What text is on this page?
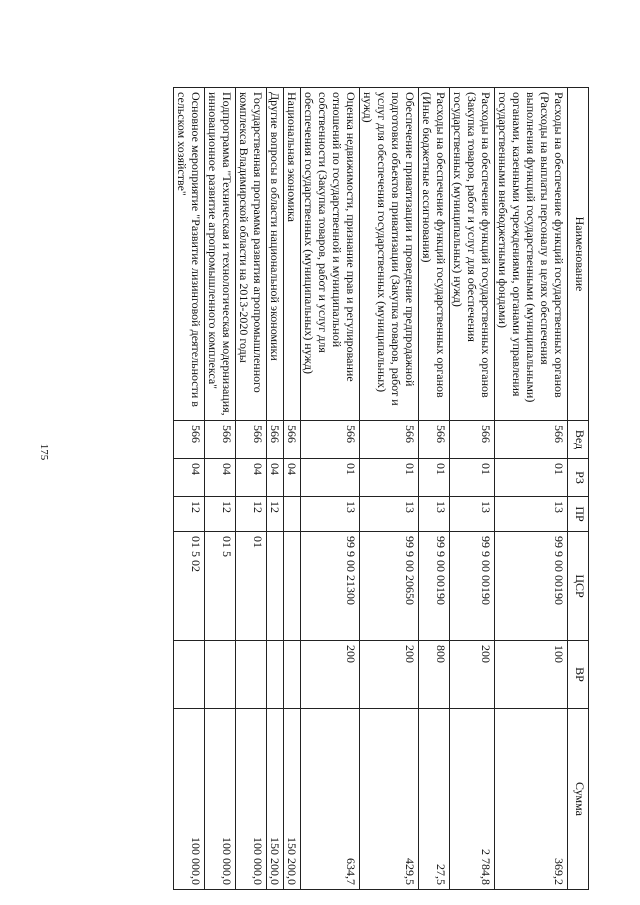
175
Наименование	Вед	РЗ	ПР	ЦСР	ВР	Сумма
Расходы на обеспечение функций государственных органов (Расходы на выплаты персоналу в целях обеспечения выполнения функций государственными (муниципальными) органами, казенными учреждениями, органами управления государственными внебюджетными фондами)	566	01	13	99 9 00 00190	100	369,2
Расходы на обеспечение функций государственных органов (Закупка товаров, работ и услуг для обеспечения государственных (муниципальных) нужд)	566	01	13	99 9 00 00190	200	2 784,8
Расходы на обеспечение функций государственных органов (Иные бюджетные ассигнования)	566	01	13	99 9 00 00190	800	27,5
Обеспечение приватизации и проведение предпродажной подготовки объектов приватизации (Закупка товаров, работ и услуг для обеспечения государственных (муниципальных) нужд)	566	01	13	99 9 00 20650	200	429,5
Оценка недвижимости, признание прав и регулирование отношений по государственной и муниципальной собственности (Закупка товаров, работ и услуг для обеспечения государственных (муниципальных) нужд)	566	01	13	99 9 00 21300	200	634,7
Национальная экономика	566	04				150 200,0
Другие вопросы в области национальной экономики	566	04	12			150 200,0
Государственная программа развития агропромышленного комплекса Владимирской области на 2013-2020 годы	566	04	12	01		100 000,0
Подпрограмма "Техническая и технологическая модернизация, инновационное развитие агропромышленного комплекса"	566	04	12	01 5		100 000,0
Основное мероприятие "Развитие лизинговой деятельности в сельском хозяйстве"	566	04	12	01 5 02		100 000,0
